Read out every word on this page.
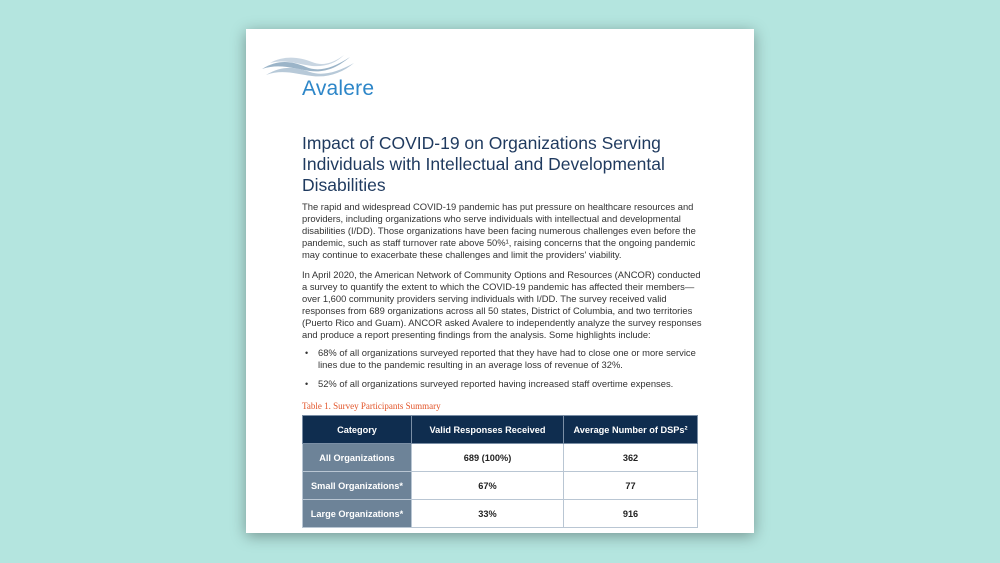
Avalere
Impact of COVID-19 on Organizations Serving Individuals with Intellectual and Developmental Disabilities

The rapid and widespread COVID-19 pandemic has put pressure on healthcare resources and providers, including organizations who serve individuals with intellectual and developmental disabilities (I/DD). Those organizations have been facing numerous challenges even before the pandemic, such as staff turnover rate above 50%¹, raising concerns that the ongoing pandemic may continue to exacerbate these challenges and limit the providers' viability.

In April 2020, the American Network of Community Options and Resources (ANCOR) conducted a survey to quantify the extent to which the COVID-19 pandemic has affected their members—over 1,600 community providers serving individuals with I/DD. The survey received valid responses from 689 organizations across all 50 states, District of Columbia, and two territories (Puerto Rico and Guam). ANCOR asked Avalere to independently analyze the survey responses and produce a report presenting findings from the analysis. Some highlights include:

• 68% of all organizations surveyed reported that they have had to close one or more service lines due to the pandemic resulting in an average loss of revenue of 32%.
• 52% of all organizations surveyed reported having increased staff overtime expenses.
Table 1. Survey Participants Summary
Category	Valid Responses Received	Average Number of DSPs²
All Organizations	689 (100%)	362
Small Organizations*	67%	77
Large Organizations*	33%	916
